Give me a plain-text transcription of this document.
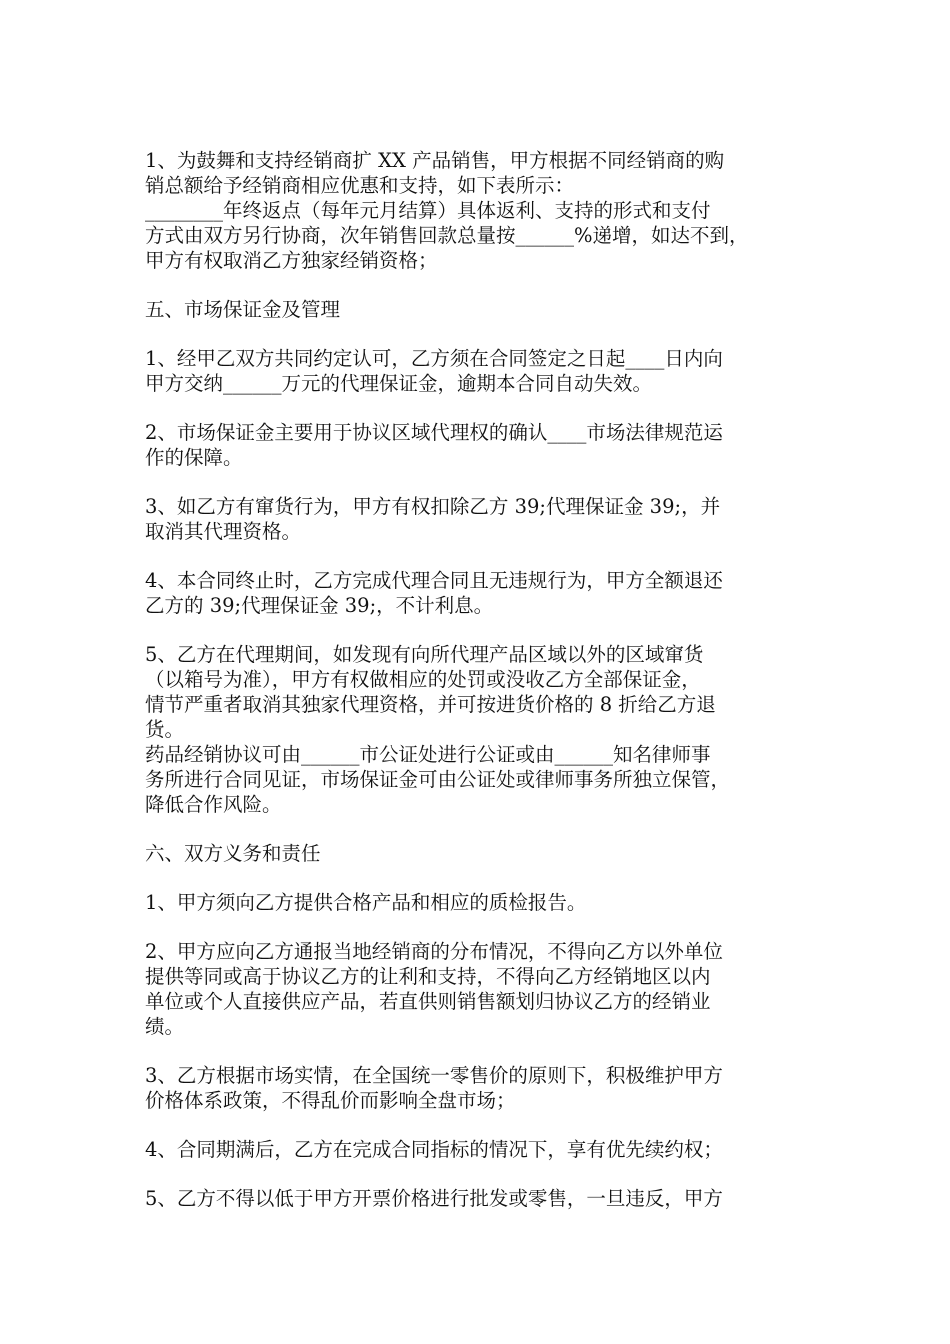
1、为鼓舞和支持经销商扩 XX 产品销售，甲方根据不同经销商的购
销总额给予经销商相应优惠和支持，如下表所示：
________年终返点（每年元月结算）具体返利、支持的形式和支付
方式由双方另行协商，次年销售回款总量按______%递增，如达不到，
甲方有权取消乙方独家经销资格；
五、市场保证金及管理
1、经甲乙双方共同约定认可，乙方须在合同签定之日起____日内向
甲方交纳______万元的代理保证金，逾期本合同自动失效。
2、市场保证金主要用于协议区域代理权的确认____市场法律规范运
作的保障。
3、如乙方有窜货行为，甲方有权扣除乙方 39;代理保证金 39;，并
取消其代理资格。
4、本合同终止时，乙方完成代理合同且无违规行为，甲方全额退还
乙方的 39;代理保证金 39;，不计利息。
5、乙方在代理期间，如发现有向所代理产品区域以外的区域窜货
（以箱号为准），甲方有权做相应的处罚或没收乙方全部保证金，
情节严重者取消其独家代理资格，并可按进货价格的 8 折给乙方退
货。
药品经销协议可由______市公证处进行公证或由______知名律师事
务所进行合同见证，市场保证金可由公证处或律师事务所独立保管，
降低合作风险。
六、双方义务和责任
1、甲方须向乙方提供合格产品和相应的质检报告。
2、甲方应向乙方通报当地经销商的分布情况，不得向乙方以外单位
提供等同或高于协议乙方的让利和支持，不得向乙方经销地区以内
单位或个人直接供应产品，若直供则销售额划归协议乙方的经销业
绩。
3、乙方根据市场实情，在全国统一零售价的原则下，积极维护甲方
价格体系政策，不得乱价而影响全盘市场；
4、合同期满后，乙方在完成合同指标的情况下，享有优先续约权；
5、乙方不得以低于甲方开票价格进行批发或零售，一旦违反，甲方
